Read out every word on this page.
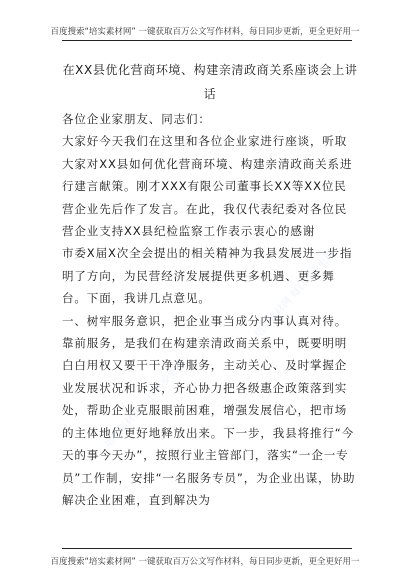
百度搜索“培实素材网” 一键获取百万公文写作材料，每日同步更新，更全更好用一
在XX县优化营商环境、构建亲清政商关系座谈会上讲话

各位企业家朋友、同志们：

大家好今天我们在这里和各位企业家进行座谈，听取大家对XX县如何优化营商环境、构建亲清政商关系进行建言献策。刚才XXX有限公司董事长XX等XX位民营企业先后作了发言。在此，我仅代表纪委对各位民营企业支持XX县纪检监察工作表示衷心的感谢

市委X届X次全会提出的相关精神为我县发展进一步指明了方向，为民营经济发展提供更多机遇、更多舞台。下面，我讲几点意见。

一、树牢服务意识，把企业事当成分内事认真对待。靠前服务，是我们在构建亲清政商关系中，既要明明白白用权又要干干净净服务，主动关心、及时掌握企业发展状况和诉求，齐心协力把各级惠企政策落到实处，帮助企业克服眼前困难，增强发展信心，把市场的主体地位更好地释放出来。下一步，我县将推行“今天的事今天办”，按照行业主管部门，落实“一企一专员”工作制，安排“一名服务专员”，为企业出谋，协助解决企业困难，直到解决为

培实素材网 每日同步更新
培实素材网 每日同步更新
百度搜索“培实素材网” 一键获取百万公文写作材料，每日同步更新，更全更好用一
